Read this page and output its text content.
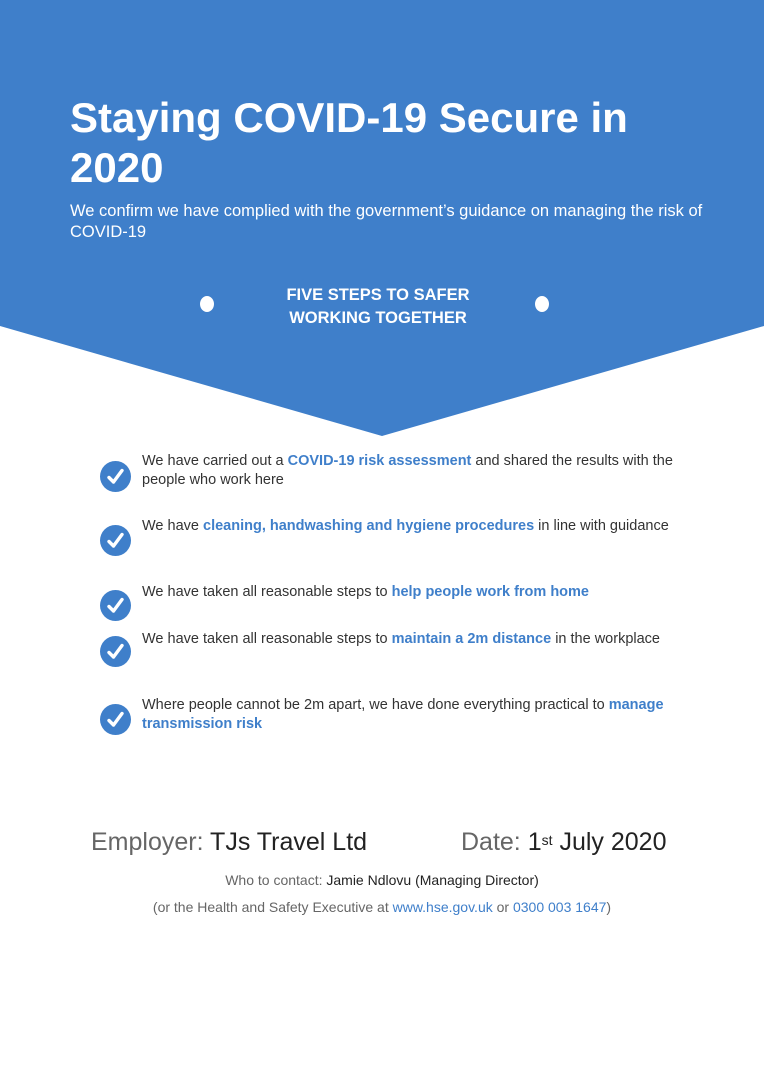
Staying COVID-19 Secure in 2020

We confirm we have complied with the government’s guidance on managing the risk of COVID-19

FIVE STEPS TO SAFER
WORKING TOGETHER

We have carried out a COVID-19 risk assessment and shared the results with the people who work here

We have cleaning, handwashing and hygiene procedures in line with guidance

We have taken all reasonable steps to help people work from home

We have taken all reasonable steps to maintain a 2m distance in the workplace

Where people cannot be 2m apart, we have done everything practical to manage transmission risk

Employer: TJs Travel Ltd	Date: 1st July 2020
Who to contact: Jamie Ndlovu (Managing Director)
(or the Health and Safety Executive at www.hse.gov.uk or 0300 003 1647)
